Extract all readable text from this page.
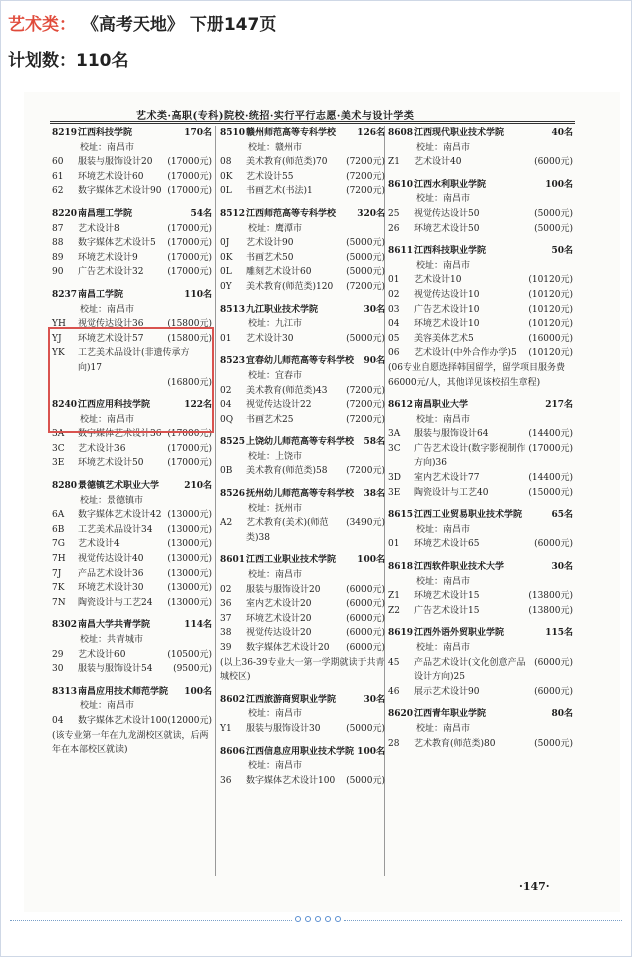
艺术类： 《高考天地》 下册147页
计划数：110名
艺术类·高职(专科)院校·统招·实行平行志愿·美术与设计学类
8219 江西科技学院	170名
校址：南昌市
60	服装与服饰设计20	(17000元)
61	环境艺术设计60	(17000元)
62	数字媒体艺术设计90 (17000元)
8220 南昌理工学院	54名
87	艺术设计8	(17000元)
88	数字媒体艺术设计5	(17000元)
89	环境艺术设计9	(17000元)
90	广告艺术设计32	(17000元)
8237 南昌工学院	110名
校址：南昌市
YH	视觉传达设计36	(15800元)
YJ	环境艺术设计57	(15800元)
YK	工艺美术品设计(非遗传承方向)17
(16800元)
8240 江西应用科技学院	122名
校址：南昌市
3A	数字媒体艺术设计36 (17000元)
3C	艺术设计36	(17000元)
3E	环境艺术设计50	(17000元)
8280 景德镇艺术职业大学	210名
校址：景德镇市
6A	数字媒体艺术设计42 (13000元)
6B	工艺美术品设计34	(13000元)
7G	艺术设计4	(13000元)
7H	视觉传达设计40	(13000元)
7J	产品艺术设计36	(13000元)
7K	环境艺术设计30	(13000元)
7N	陶瓷设计与工艺24	(13000元)
8302 南昌大学共青学院	114名
校址：共青城市
29	艺术设计60	(10500元)
30	服装与服饰设计54	(9500元)
8313 南昌应用技术师范学院	100名
校址：南昌市
04	数字媒体艺术设计100 (12000元)
(该专业第一年在九龙湖校区就读，后两年在本部校区就读)
8510 赣州师范高等专科学校	126名
校址：赣州市
08	美术教育(师范类)70	(7200元)
0K	艺术设计55	(7200元)
0L	书画艺术(书法)1	(7200元)
8512 江西师范高等专科学校	320名
校址：鹰潭市
0J	艺术设计90	(5000元)
0K	书画艺术50	(5000元)
0L	雕刻艺术设计60	(5000元)
0Y	美术教育(师范类)120	(7200元)
8513 九江职业技术学院	30名
校址：九江市
01	艺术设计30	(5000元)
8523 宜春幼儿师范高等专科学校	90名
校址：宜春市
02	美术教育(师范类)43	(7200元)
04	视觉传达设计22	(7200元)
0Q	书画艺术25	(7200元)
8525 上饶幼儿师范高等专科学校	58名
校址：上饶市
0B	美术教育(师范类)58	(7200元)
8526 抚州幼儿师范高等专科学校	38名
校址：抚州市
A2	艺术教育(美术)(师范类)38
(3490元)
8601 江西工业职业技术学院	100名
校址：南昌市
02	服装与服饰设计20	(6000元)
36	室内艺术设计20	(6000元)
37	环境艺术设计20	(6000元)
38	视觉传达设计20	(6000元)
39	数字媒体艺术设计20	(6000元)
(以上36-39专业大一第一学期就读于共青城校区)
8602 江西旅游商贸职业学院	30名
校址：南昌市
Y1	服装与服饰设计30	(5000元)
8606 江西信息应用职业技术学院 100名
校址：南昌市
36	数字媒体艺术设计100	(5000元)
8608 江西现代职业技术学院	40名
校址：南昌市
Z1	艺术设计40	(6000元)
8610 江西水利职业学院	100名
校址：南昌市
25	视觉传达设计50	(5000元)
26	环境艺术设计50	(5000元)
8611 江西科技职业学院	50名
校址：南昌市
01	艺术设计10	(10120元)
02	视觉传达设计10	(10120元)
03	广告艺术设计10	(10120元)
04	环境艺术设计10	(10120元)
05	美容美体艺术5	(16000元)
06	艺术设计(中外合作办学)5	(10120元)
(06专业自愿选择韩国留学，留学项目服务费66000元/人，其他详见该校招生章程)
8612 南昌职业大学	217名
校址：南昌市
3A	服装与服饰设计64	(14400元)
3C	广告艺术设计(数字影视制作方向)36
(17000元)
3D	室内艺术设计77	(14400元)
3E	陶瓷设计与工艺40	(15000元)
8615 江西工业贸易职业技术学院	65名
校址：南昌市
01	环境艺术设计65	(6000元)
8618 江西软件职业技术大学	30名
校址：南昌市
Z1	环境艺术设计15	(13800元)
Z2	广告艺术设计15	(13800元)
8619 江西外语外贸职业学院	115名
校址：南昌市
45	产品艺术设计(文化创意产品设计方向)25
(6000元)
46	展示艺术设计90	(6000元)
8620 江西青年职业学院	80名
校址：南昌市
28	艺术教育(师范类)80	(5000元)
·147·
